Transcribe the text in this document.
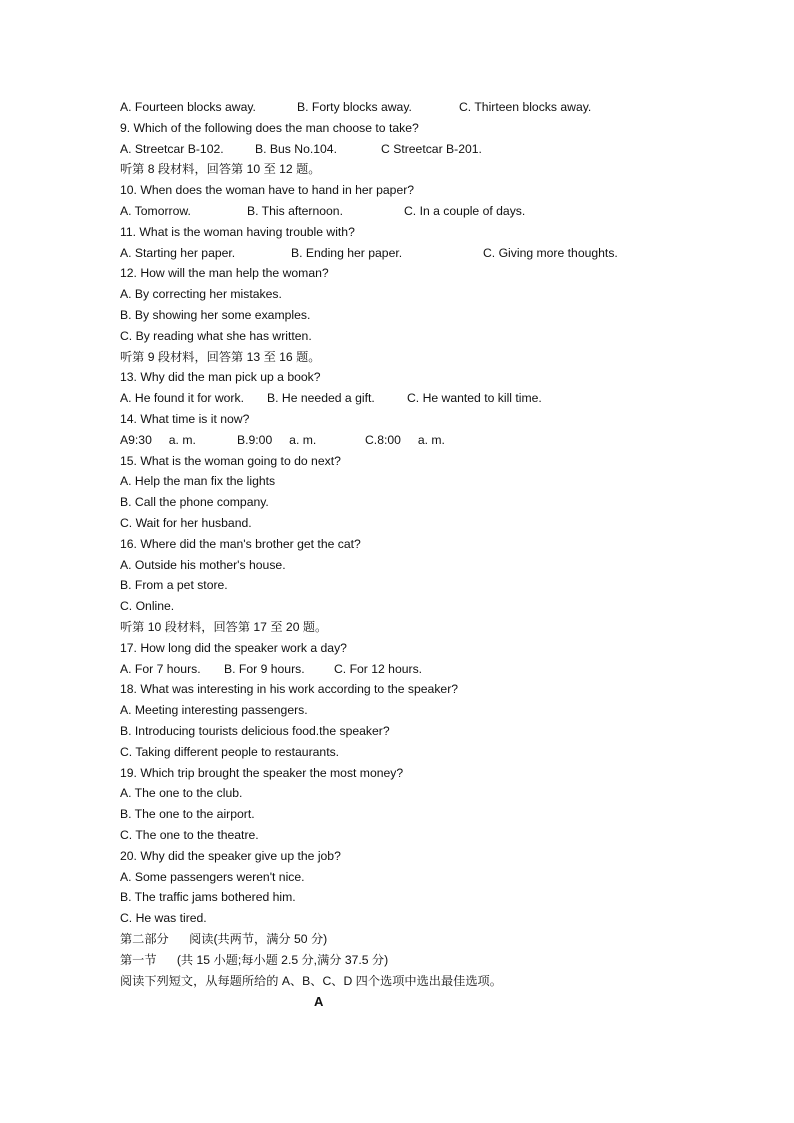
A. Fourteen blocks away.	B. Forty blocks away.	C. Thirteen blocks away.
9. Which of the following does the man choose to take?
A. Streetcar B-102.	B. Bus No.104.	C Streetcar B-201.
听第 8 段材料，回答第 10 至 12 题。
10. When does the woman have to hand in her paper?
A. Tomorrow.	B. This afternoon.	C. In a couple of days.
11. What is the woman having trouble with?
A. Starting her paper.	B. Ending her paper.	C. Giving more thoughts.
12. How will the man help the woman?
A. By correcting her mistakes.
B. By showing her some examples.
C. By reading what she has written.
听第 9 段材料，回答第 13 至 16 题。
13. Why did the man pick up a book?
A. He found it for work. B. He needed a gift.	C. He wanted to kill time.
14. What time is it now?
A9:30     a. m.	B.9:00     a. m.	C.8:00     a. m.
15. What is the woman going to do next?
A. Help the man fix the lights
B. Call the phone company.
C. Wait for her husband.
16. Where did the man's brother get the cat?
A. Outside his mother's house.
B. From a pet store.
C. Online.
听第 10 段材料，回答第 17 至 20 题。
17. How long did the speaker work a day?
A. For 7 hours. B. For 9 hours. C. For 12 hours.
18. What was interesting in his work according to the speaker?
A. Meeting interesting passengers.
B. Introducing tourists delicious food.the speaker?
C. Taking different people to restaurants.
19. Which trip brought the speaker the most money?
A. The one to the club.
B. The one to the airport.
C. The one to the theatre.
20. Why did the speaker give up the job?
A. Some passengers weren't nice.
B. The traffic jams bothered him.
C. He was tired.
第二部分      阅读(共两节，满分 50 分)
第一节      (共 15 小题;每小题 2.5 分,满分 37.5 分)
阅读下列短文，从每题所给的 A、B、C、D 四个选项中选出最佳选项。
A
